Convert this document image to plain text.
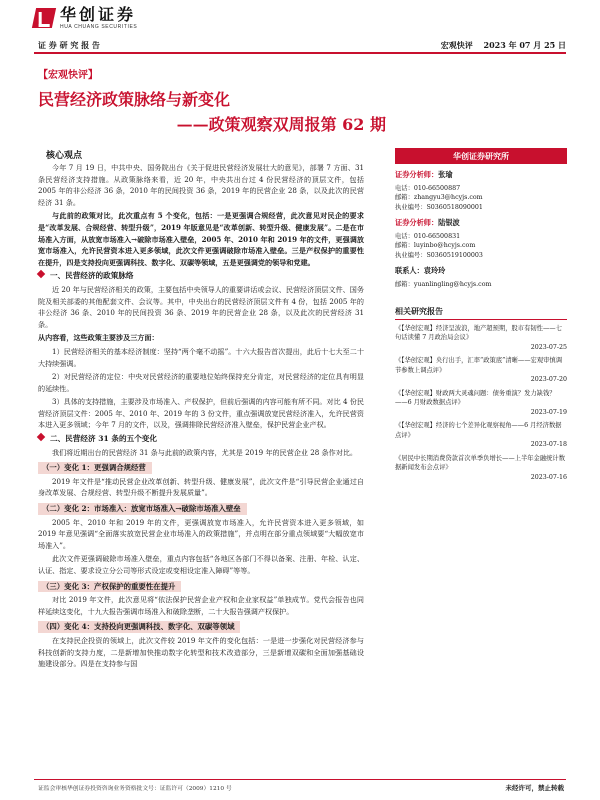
华创证券
HUA CHUANG SECURITIES
证 券 研 究 报 告	宏观快评 2023 年 07 月 25 日
【宏观快评】
民营经济政策脉络与新变化
——政策观察双周报第 62 期
核心观点

今年 7 月 19 日，中共中央、国务院出台《关于促进民营经济发展壮大的意见》，部署 7 方面、31 条民营经济支持措施。从政策脉络来看，近 20 年，中央共出台过 4 份民营经济的顶层文件，包括 2005 年的非公经济 36 条，2010 年的民间投资 36 条，2019 年的民营企业 28 条，以及此次的民营经济 31 条。

与此前的政策对比，此次重点有 5 个变化，包括：一是更强调合规经营，此次意见对民企的要求是“改革发展、合规经营、转型升级”，2019 年版意见是“改革创新、转型升级、健康发展”。二是在市场准入方面，从放宽市场准入→破除市场准入壁垒，2005 年、2010 年和 2019 年的文件，更强调放宽市场准入，允许民营资本进入更多领域，此次文件更强调破除市场准入壁垒。三是产权保护的重要性在提升，四是支持投向更强调科技、数字化、双碳等领域，五是更强调党的领导和党建。

一、民营经济的政策脉络

近 20 年与民营经济相关的政策，主要包括中央领导人的重要讲话或会议、民营经济顶层文件、国务院及相关部委的其他配套文件、会议等。其中，中央出台的民营经济顶层文件有 4 份，包括 2005 年的非公经济 36 条、2010 年的民间投资 36 条、2019 年的民营企业 28 条，以及此次的民营经济 31 条。

从内容看，这些政策主要涉及三方面：

1）民营经济相关的基本经济制度：坚持“两个毫不动摇”。十六大报告首次提出，此后十七大至二十大持续强调。

2）对民营经济的定位：中央对民营经济的重要地位始终保持充分肯定，对民营经济的定位具有明显的延续性。

3）具体的支持措施，主要涉及市场准入、产权保护，但前后强调的内容可能有所不同。对比 4 份民营经济顶层文件：2005 年、2010 年、2019 年的 3 份文件，重点强调放宽民营经济准入，允许民营资本进入更多领域；今年 7 月的文件，以及，强调排除民营经济准入壁垒，保护民营企业产权。

二、民营经济 31 条的五个变化

我们将近期出台的民营经济 31 条与此前的政策内容，尤其是 2019 年的民营企业 28 条作对比。

（一）变化 1：更强调合规经营

2019 年文件是“推动民营企业改革创新、转型升级、健康发展”，此次文件是“引导民营企业通过自身改革发展、合规经营、转型升级不断提升发展质量”。

（二）变化 2：市场准入：放宽市场准入→破除市场准入壁垒

2005 年、2010 年和 2019 年的文件，更强调放宽市场准入，允许民营资本进入更多领域，如 2019 年意见强调“全面落实放宽民营企业市场准入的政策措施”，并点明在部分重点领域要“大幅放宽市场准入”。

此次文件更强调破除市场准入壁垒，重点内容包括“各地区各部门不得以备案、注册、年检、认定、认证、指定、要求设立分公司等形式设定或变相设定准入障碍”等等。

（三）变化 3：产权保护的重要性在提升

对比 2019 年文件，此次意见将“依法保护民营企业产权和企业家权益”单独成节。党代会报告也同样延续这变化，十九大报告强调市场准入和破除垄断，二十大报告强调产权保护。

（四）变化 4：支持投向更强调科技、数字化、双碳等领域

在支持民企投资的领域上，此次文件较 2019 年文件的变化包括：一是进一步强化对民营经济参与科技创新的支持力度，二是新增加快推动数字化转型和技术改造部分，三是新增双碳和全面加强基础设施建设部分。四是在支持参与国

华创证券研究所
证券分析师：张瑜
电话：010-66500887
邮箱：zhangyu3@hcyjs.com
执业编号：S0360518090001
证券分析师：陆银波
电话：010-66500831
邮箱：luyinbo@hcyjs.com
执业编号：S0360519100003
联系人：袁玲玲
邮箱：yuanlingling@hcyjs.com
相关研究报告
《【华创宏观】经济呈波浪，地产超预期，股市有韧性——七句话读懂 7 月政治局会议》
2023-07-25
《【华创宏观】央行出手，汇率“政策底”清晰——宏观审慎调节参数上调点评》
2023-07-20
《【华创宏观】财政两大灵魂问题：债务重演？发力缺钱？——6 月财政数据点评》
2023-07-19
《【华创宏观】经济的七个差异化观察视角——6 月经济数据点评》
2023-07-18
《居民中长期消费贷款首次单季负增长——上半年金融统计数据新闻发布会点评》
2023-07-16
证监会审核华创证券投资咨询业务资格批文号：证监许可（2009）1210 号	未经许可，禁止转载
